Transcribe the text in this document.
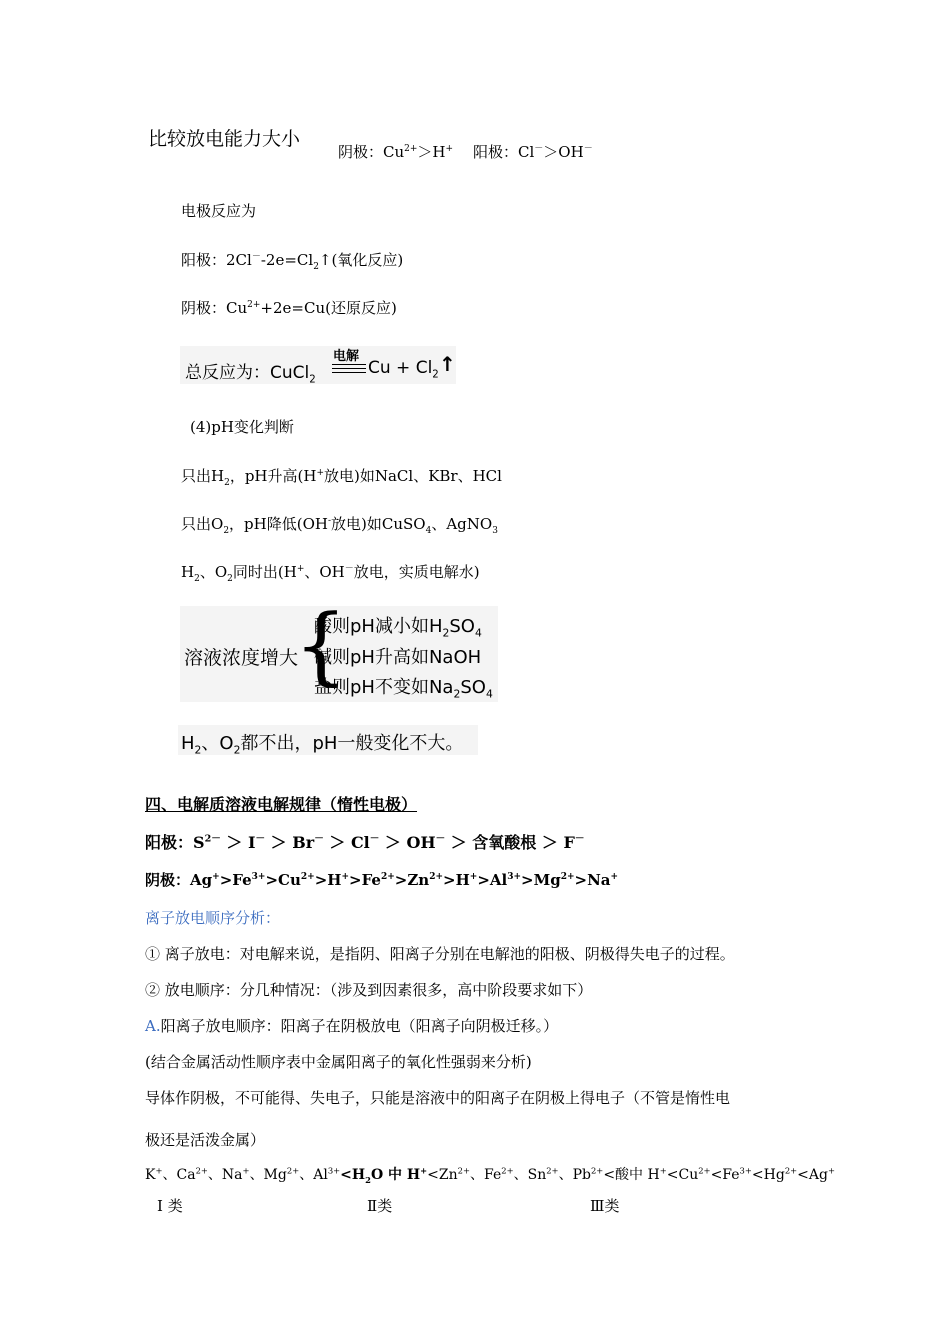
比较放电能力大小
阴极：$Cu^{2+}>H^+$ 阳极：Cl－＞OH－
电极反应为
阳极：$2Cl^--2e=Cl_2↑$(氧化反应)
阴极：$Cu^{2+}+2e=Cu$(还原反应)
总反应为：CuCl$_2$
电解
$Cu + Cl_2$ ↑
(4)pH变化判断
只出$H_2$，pH升高(H+放电)如NaCl、KBr、HCl
只出$O_2$，pH降低(OH-放电)如CuSO$_4$、AgNO$_3$
$H_2$、$O_2$同时出(H+、OH－放电，实质电解水)
溶液浓度增大
{
酸则pH减小如$H_2SO_4$
碱则pH升高如NaOH
盐则pH不变如$Na_2SO_4$
$H_2$、$O_2$都不出，pH一般变化不大。
四、电解质溶液电解规律（惰性电极）
阳极：$S^{2-} > I^- > Br^- > Cl^- > OH^-$ ＞ 含氧酸根 ＞ F－
阴极：$Ag^+>Fe^{3+}>Cu^{2+}>H^+>Fe^{2+}>Zn^{2+}>H^+>Al^{3+}>Mg^{2+}>Na^+$
离子放电顺序分析：
① 离子放电：对电解来说，是指阴、阳离子分别在电解池的阳极、阴极得失电子的过程。
② 放电顺序：分几种情况：（涉及到因素很多，高中阶段要求如下）
A.阳离子放电顺序：阳离子在阴极放电（阳离子向阴极迁移。）
(结合金属活动性顺序表中金属阳离子的氧化性强弱来分析)
导体作阴极，不可能得、失电子，只能是溶液中的阳离子在阴极上得电子（不管是惰性电
极还是活泼金属）
K+、$Ca^{2+}$、Na+、$Mg^{2+}$、$Al^{3+}<H_2O$ 中 $H^+<Zn^{2+}$、$Fe^{2+}$、$Sn^{2+}$、$Pb^{2+}<$酸中 $H^+<Cu^{2+}<Fe^{3+}<Hg^{2+}<Ag^+$
Ⅰ 类	Ⅱ类	Ⅲ类
